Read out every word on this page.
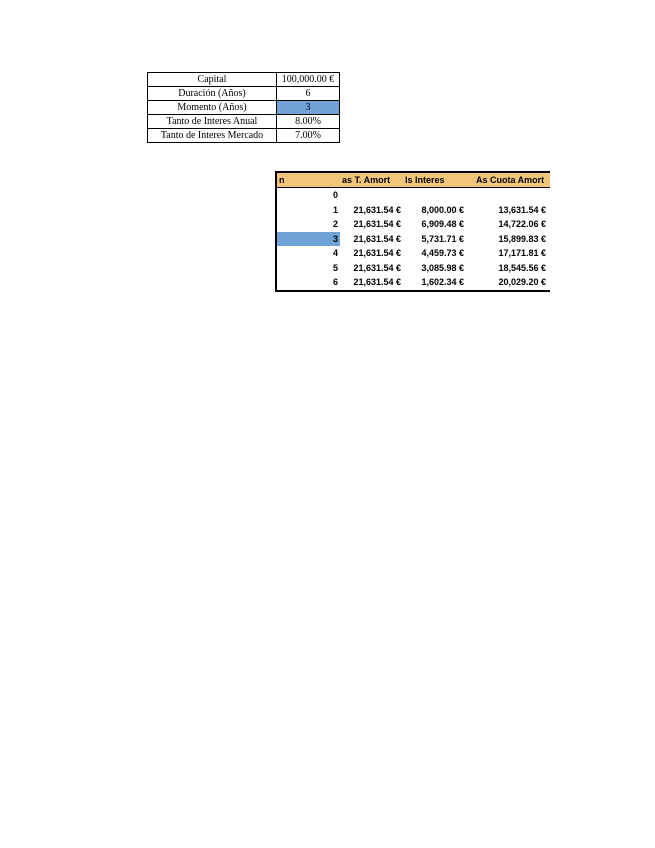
Capital	100,000.00 €
Duración (Años)	6
Momento (Años)	3
Tanto de Interes Anual	8.00%
Tanto de Interes Mercado	7.00%
n	as T. Amort	ls Interes	As Cuota Amort
0
1	21,631.54 €	8,000.00 €	13,631.54 €
2	21,631.54 €	6,909.48 €	14,722.06 €
3	21,631.54 €	5,731.71 €	15,899.83 €
4	21,631.54 €	4,459.73 €	17,171.81 €
5	21,631.54 €	3,085.98 €	18,545.56 €
6	21,631.54 €	1,602.34 €	20,029.20 €
